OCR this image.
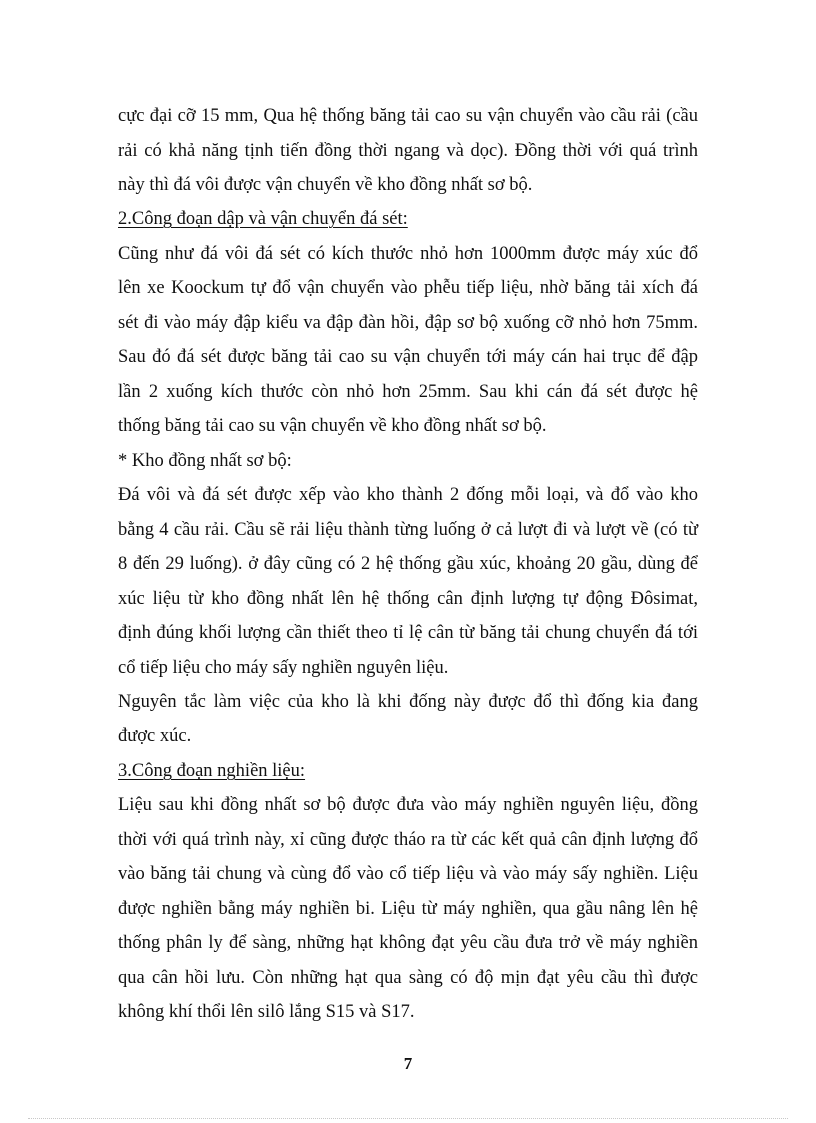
cực đại cỡ 15 mm, Qua hệ thống băng tải cao su vận chuyển vào cầu rải (cầu
rải có khả năng tịnh tiến đồng thời ngang và dọc). Đồng thời với quá trình
này thì đá vôi được vận chuyển về kho đồng nhất sơ bộ.
2.Công đoạn dập và vận chuyển đá sét:
Cũng như đá vôi đá sét có kích thước nhỏ hơn 1000mm được máy xúc đổ
lên xe Koockum tự đổ vận chuyển vào phễu tiếp liệu, nhờ băng tải xích đá
sét đi vào máy đập kiểu va đập đàn hồi, đập sơ bộ xuống cỡ nhỏ hơn 75mm.
Sau đó đá sét được băng tải cao su vận chuyển tới máy cán hai trục để đập
lần 2 xuống kích thước còn nhỏ hơn 25mm. Sau khi cán đá sét được hệ
thống băng tải cao su vận chuyển về kho đồng nhất sơ bộ.
* Kho đồng nhất sơ bộ:
Đá vôi và đá sét được xếp vào kho thành 2 đống mỗi loại, và đổ vào kho
bằng 4 cầu rải. Cầu sẽ rải liệu thành từng luống ở cả lượt đi và lượt về (có từ
8 đến 29 luống). ở đây cũng có 2 hệ thống gầu xúc, khoảng 20 gầu, dùng để
xúc liệu từ kho đồng nhất lên hệ thống cân định lượng tự động Đôsimat,
định đúng khối lượng cần thiết theo tỉ lệ cân từ băng tải chung chuyển đá tới
cổ tiếp liệu cho máy sấy nghiền nguyên liệu.
Nguyên tắc làm việc của kho là khi đống này được đổ thì đống kia đang
được xúc.
3.Công đoạn nghiền liệu:
Liệu sau khi đồng nhất sơ bộ được đưa vào máy nghiền nguyên liệu, đồng
thời với quá trình này, xỉ cũng được tháo ra từ các kết quả cân định lượng đổ
vào băng tải chung và cùng đổ vào cổ tiếp liệu và vào máy sấy nghiền. Liệu
được nghiền bằng máy nghiền bi. Liệu từ máy nghiền, qua gầu nâng lên hệ
thống phân ly để sàng, những hạt không đạt yêu cầu đưa trở về máy nghiền
qua cân hồi lưu. Còn những hạt qua sàng có độ mịn đạt yêu cầu thì được
không khí thổi lên silô lắng S15 và S17.
7
